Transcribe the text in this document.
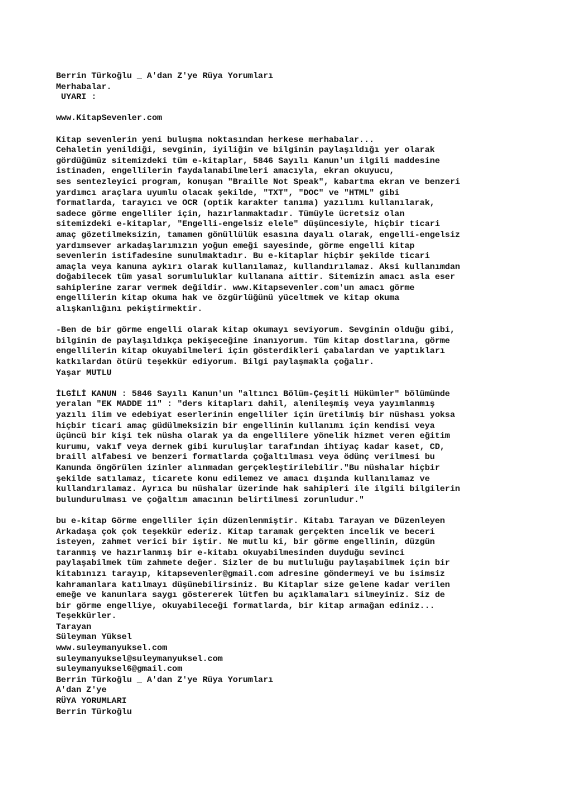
Berrin Türkoğlu _ A'dan Z'ye Rüya Yorumları
Merhabalar.
UYARI :
www.KitapSevenler.com
Kitap sevenlerin yeni buluşma noktasından herkese merhabalar...
Cehaletin yenildiği, sevginin, iyiliğin ve bilginin paylaşıldığı yer olarak
gördüğümüz sitemizdeki tüm e-kitaplar, 5846 Sayılı Kanun'un ilgili maddesine
istinaden, engellilerin faydalanabilmeleri amacıyla, ekran okuyucu,
ses sentezleyici program, konuşan "Braille Not Speak", kabartma ekran ve benzeri
yardımcı araçlara uyumlu olacak şekilde, "TXT", "DOC" ve "HTML" gibi
formatlarda, tarayıcı ve OCR (optik karakter tanıma) yazılımı kullanılarak,
sadece görme engelliler için, hazırlanmaktadır. Tümüyle ücretsiz olan
sitemizdeki e-kitaplar, "Engelli-engelsiz elele" düşüncesiyle, hiçbir ticari
amaç gözetilmeksizin, tamamen gönüllülük esasına dayalı olarak, engelli-engelsiz
yardımsever arkadaşlarımızın yoğun emeği sayesinde, görme engelli kitap
sevenlerin istifadesine sunulmaktadır. Bu e-kitaplar hiçbir şekilde ticari
amaçla veya kanuna aykırı olarak kullanılamaz, kullandırılamaz. Aksi kullanımdan
doğabilecek tüm yasal sorumluluklar kullanana aittir. Sitemizin amacı asla eser
sahiplerine zarar vermek değildir. www.Kitapsevenler.com'un amacı görme
engellilerin kitap okuma hak ve özgürlüğünü yüceltmek ve kitap okuma
alışkanlığını pekiştirmektir.
-Ben de bir görme engelli olarak kitap okumayı seviyorum. Sevginin olduğu gibi,
bilginin de paylaşıldıkça pekişeceğine inanıyorum. Tüm kitap dostlarına, görme
engellilerin kitap okuyabilmeleri için gösterdikleri çabalardan ve yaptıkları
katkılardan ötürü teşekkür ediyorum. Bilgi paylaşmakla çoğalır.
Yaşar MUTLU
İLGİLİ KANUN : 5846 Sayılı Kanun'un "altıncı Bölüm-Çeşitli Hükümler" bölümünde
yeralan "EK MADDE 11" : "ders kitapları dahil, alenileşmiş veya yayımlanmış
yazılı ilim ve edebiyat eserlerinin engelliler için üretilmiş bir nüshası yoksa
hiçbir ticari amaç güdülmeksizin bir engellinin kullanımı için kendisi veya
üçüncü bir kişi tek nüsha olarak ya da engellilere yönelik hizmet veren eğitim
kurumu, vakıf veya dernek gibi kuruluşlar tarafından ihtiyaç kadar kaset, CD,
braill alfabesi ve benzeri formatlarda çoğaltılması veya ödünç verilmesi bu
Kanunda öngörülen izinler alınmadan gerçekleştirilebilir."Bu nüshalar hiçbir
şekilde satılamaz, ticarete konu edilemez ve amacı dışında kullanılamaz ve
kullandırılamaz. Ayrıca bu nüshalar üzerinde hak sahipleri ile ilgili bilgilerin
bulundurulması ve çoğaltım amacının belirtilmesi zorunludur."
bu e-kitap Görme engelliler için düzenlenmiştir. Kitabı Tarayan ve Düzenleyen
Arkadaşa çok çok teşekkür ederiz. Kitap taramak gerçekten incelik ve beceri
isteyen, zahmet verici bir iştir. Ne mutlu ki, bir görme engellinin, düzgün
taranmış ve hazırlanmış bir e-kitabı okuyabilmesinden duyduğu sevinci
paylaşabilmek tüm zahmete değer. Sizler de bu mutluluğu paylaşabilmek için bir
kitabınızı tarayıp, kitapsevenler@gmail.com adresine göndermeyi ve bu isimsiz
kahramanlara katılmayı düşünebilirsiniz. Bu Kitaplar size gelene kadar verilen
emeğe ve kanunlara saygı göstererek lütfen bu açıklamaları silmeyiniz. Siz de
bir görme engelliye, okuyabileceği formatlarda, bir kitap armağan ediniz...
Teşekkürler.
Tarayan
Süleyman Yüksel
www.suleymanyuksel.com
suleymanyuksel@suleymanyuksel.com
suleymanyuksel6@gmail.com
Berrin Türkoğlu _ A'dan Z'ye Rüya Yorumları
A'dan Z'ye
RÜYA YORUMLARI
Berrin Türkoğlu
